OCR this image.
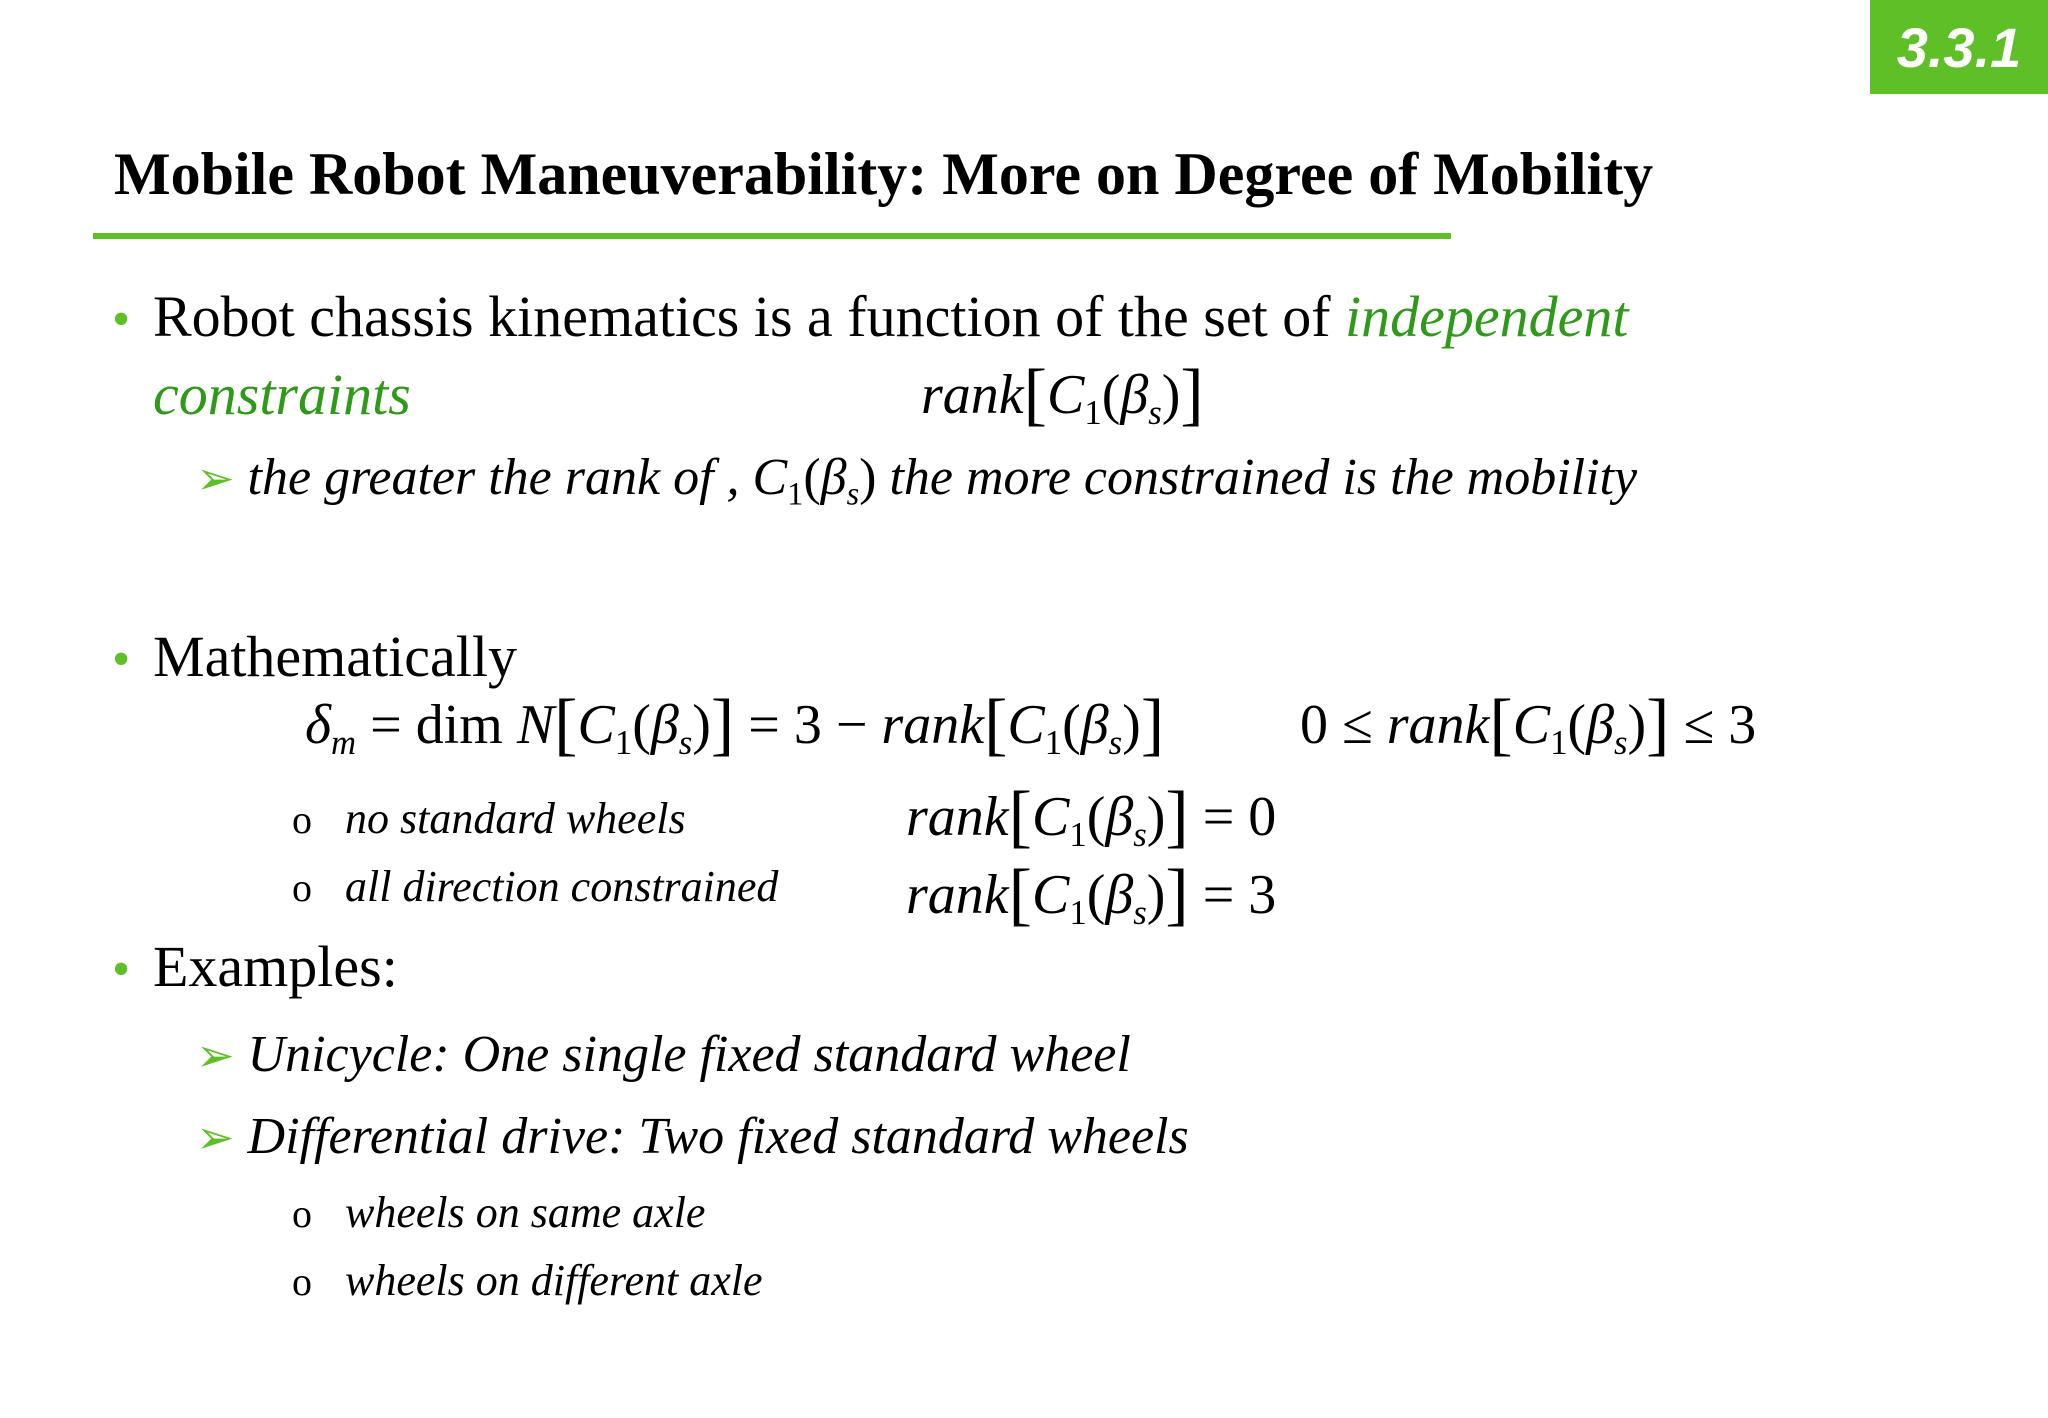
3.3.1
Mobile Robot Maneuverability: More on Degree of Mobility
• Robot chassis kinematics is a function of the set of independent
constraints	$rank[C_1(\beta_s)]$
➢ the greater the rank of , $C_1(\beta_s)$ the more constrained is the mobility
• Mathematically
$\delta_m$ = dim $N[C_1(\beta_s)] = 3$ − $rank[C_1(\beta_s)] 0$ ≤ $rank[C_1(\beta_s)] \le 3$
o no standard wheels	$rank[C_1(\beta_s)] = 0$
o all direction constrained $rank[C_1(\beta_s)] = 3$
• Examples:
➢ Unicycle: One single fixed standard wheel
➢ Differential drive: Two fixed standard wheels
o wheels on same axle
o wheels on different axle
